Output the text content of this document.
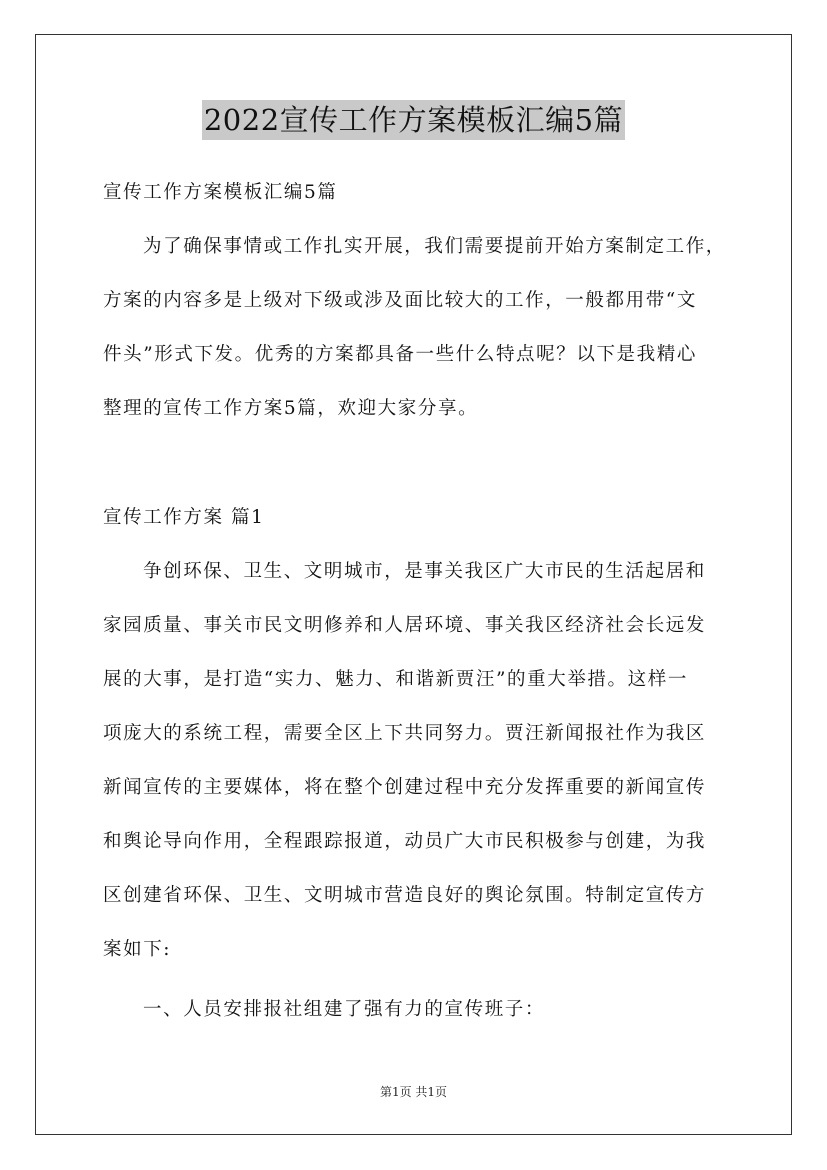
2022宣传工作方案模板汇编5篇
宣传工作方案模板汇编5篇
为了确保事情或工作扎实开展，我们需要提前开始方案制定工作，
方案的内容多是上级对下级或涉及面比较大的工作，一般都用带“文
件头”形式下发。优秀的方案都具备一些什么特点呢？以下是我精心
整理的宣传工作方案5篇，欢迎大家分享。
宣传工作方案 篇1
争创环保、卫生、文明城市，是事关我区广大市民的生活起居和
家园质量、事关市民文明修养和人居环境、事关我区经济社会长远发
展的大事，是打造“实力、魅力、和谐新贾汪”的重大举措。这样一
项庞大的系统工程，需要全区上下共同努力。贾汪新闻报社作为我区
新闻宣传的主要媒体，将在整个创建过程中充分发挥重要的新闻宣传
和舆论导向作用，全程跟踪报道，动员广大市民积极参与创建，为我
区创建省环保、卫生、文明城市营造良好的舆论氛围。特制定宣传方
案如下:
一、人员安排报社组建了强有力的宣传班子：
第1页 共1页
